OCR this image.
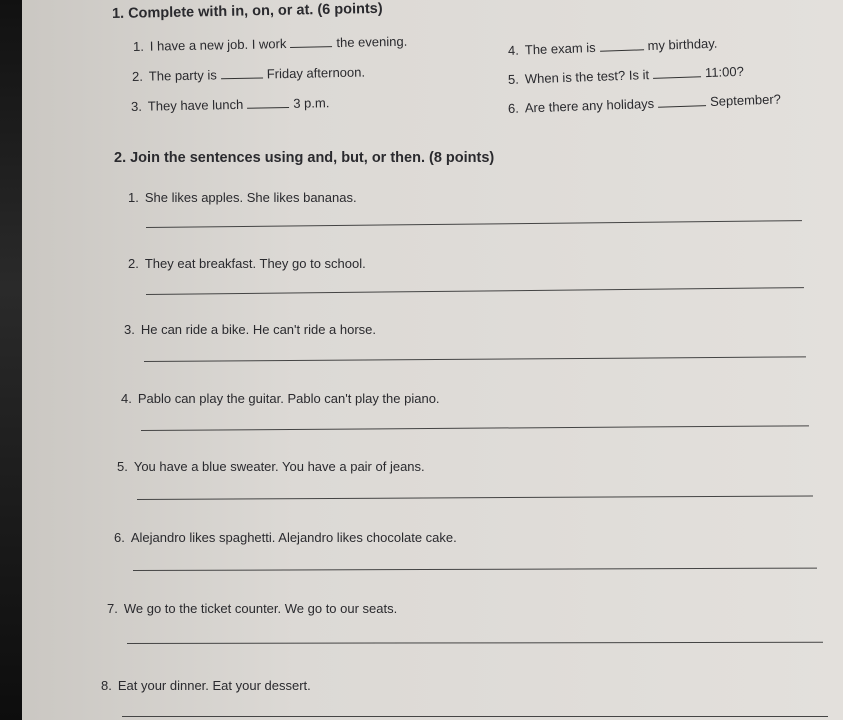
1. Complete with in, on, or at. (6 points)
1. I have a new job. I work	the evening.
2. The party is	Friday afternoon.
3. They have lunch	3 p.m.
4. The exam is	my birthday.
5. When is the test? Is it	11:00?
6. Are there any holidays	September?
2. Join the sentences using and, but, or then. (8 points)
1. She likes apples. She likes bananas.
2. They eat breakfast. They go to school.
3. He can ride a bike. He can't ride a horse.
4. Pablo can play the guitar. Pablo can't play the piano.
5. You have a blue sweater. You have a pair of jeans.
6. Alejandro likes spaghetti. Alejandro likes chocolate cake.
7. We go to the ticket counter. We go to our seats.
8. Eat your dinner. Eat your dessert.
